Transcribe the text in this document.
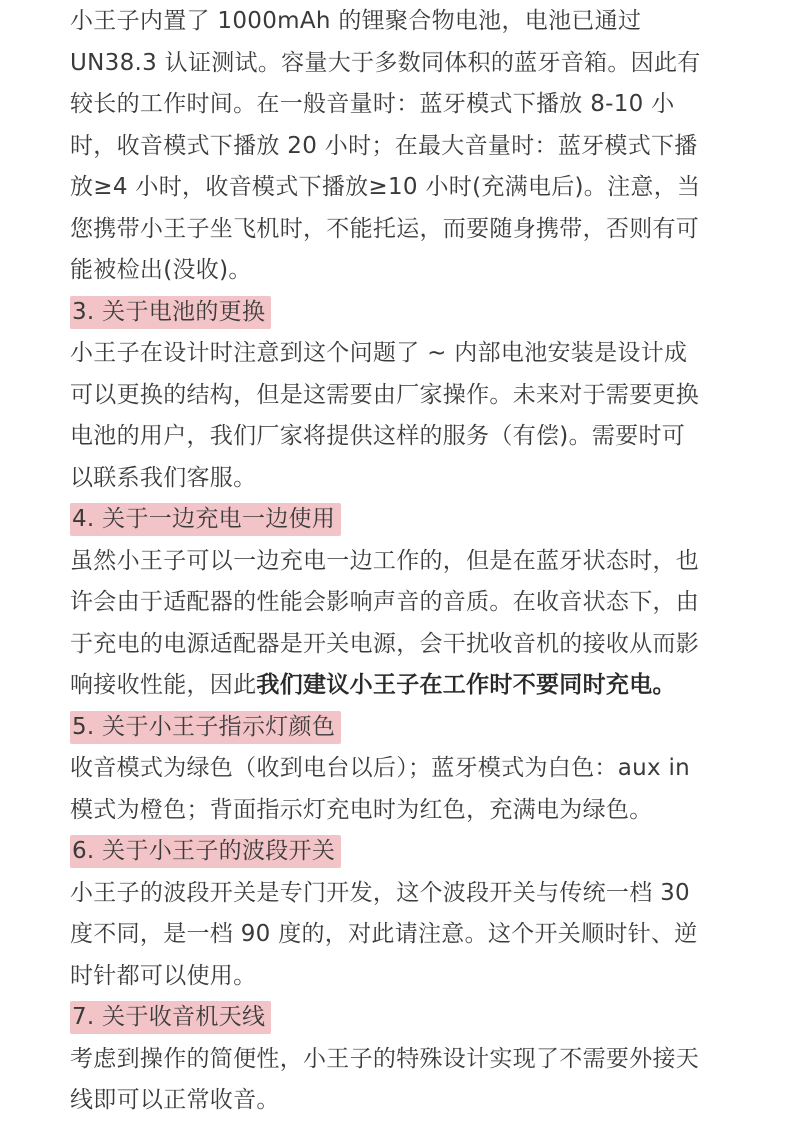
小王子内置了 1000mAh 的锂聚合物电池，电池已通过 UN38.3 认证测试。容量大于多数同体积的蓝牙音箱。因此有较长的工作时间。在一般音量时：蓝牙模式下播放 8-10 小时，收音模式下播放 20 小时；在最大音量时：蓝牙模式下播放≥4 小时，收音模式下播放≥10 小时(充满电后)。注意，当您携带小王子坐飞机时，不能托运，而要随身携带，否则有可能被检出(没收)。

3. 关于电池的更换

小王子在设计时注意到这个问题了 ~ 内部电池安装是设计成可以更换的结构，但是这需要由厂家操作。未来对于需要更换电池的用户，我们厂家将提供这样的服务（有偿)。需要时可以联系我们客服。

4. 关于一边充电一边使用

虽然小王子可以一边充电一边工作的，但是在蓝牙状态时，也许会由于适配器的性能会影响声音的音质。在收音状态下，由于充电的电源适配器是开关电源，会干扰收音机的接收从而影响接收性能，因此我们建议小王子在工作时不要同时充电。

5. 关于小王子指示灯颜色

收音模式为绿色（收到电台以后）；蓝牙模式为白色：aux in 模式为橙色；背面指示灯充电时为红色，充满电为绿色。

6. 关于小王子的波段开关

小王子的波段开关是专门开发，这个波段开关与传统一档 30 度不同，是一档 90 度的，对此请注意。这个开关顺时针、逆时针都可以使用。

7. 关于收音机天线

考虑到操作的简便性，小王子的特殊设计实现了不需要外接天线即可以正常收音。
